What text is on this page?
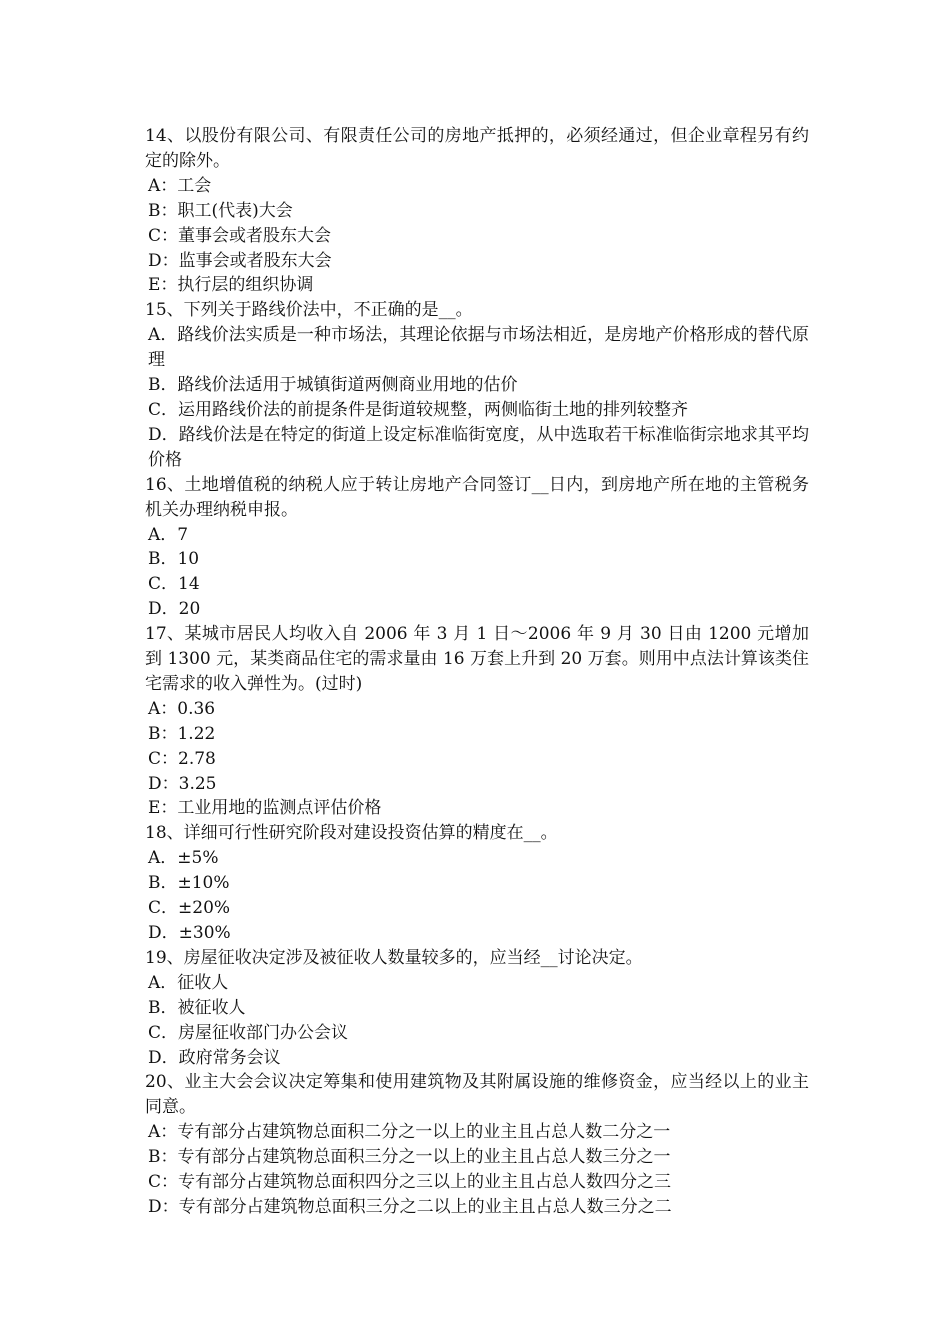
14、以股份有限公司、有限责任公司的房地产抵押的，必须经通过，但企业章程另有约定的除外。

A：工会

B：职工(代表)大会

C：董事会或者股东大会

D：监事会或者股东大会

E：执行层的组织协调

15、下列关于路线价法中，不正确的是__。

A．路线价法实质是一种市场法，其理论依据与市场法相近，是房地产价格形成的替代原理

B．路线价法适用于城镇街道两侧商业用地的估价

C．运用路线价法的前提条件是街道较规整，两侧临街土地的排列较整齐

D．路线价法是在特定的街道上设定标准临街宽度，从中选取若干标准临街宗地求其平均价格

16、土地增值税的纳税人应于转让房地产合同签订__日内，到房地产所在地的主管税务机关办理纳税申报。

A．7

B．10

C．14

D．20

17、某城市居民人均收入自 2006 年 3 月 1 日～2006 年 9 月 30 日由 1200 元增加到 1300 元，某类商品住宅的需求量由 16 万套上升到 20 万套。则用中点法计算该类住宅需求的收入弹性为。(过时)

A：0.36

B：1.22

C：2.78

D：3.25

E：工业用地的监测点评估价格

18、详细可行性研究阶段对建设投资估算的精度在__。

A．±5%

B．±10%

C．±20%

D．±30%

19、房屋征收决定涉及被征收人数量较多的，应当经__讨论决定。

A．征收人

B．被征收人

C．房屋征收部门办公会议

D．政府常务会议

20、业主大会会议决定筹集和使用建筑物及其附属设施的维修资金，应当经以上的业主同意。

A：专有部分占建筑物总面积二分之一以上的业主且占总人数二分之一

B：专有部分占建筑物总面积三分之一以上的业主且占总人数三分之一

C：专有部分占建筑物总面积四分之三以上的业主且占总人数四分之三

D：专有部分占建筑物总面积三分之二以上的业主且占总人数三分之二
